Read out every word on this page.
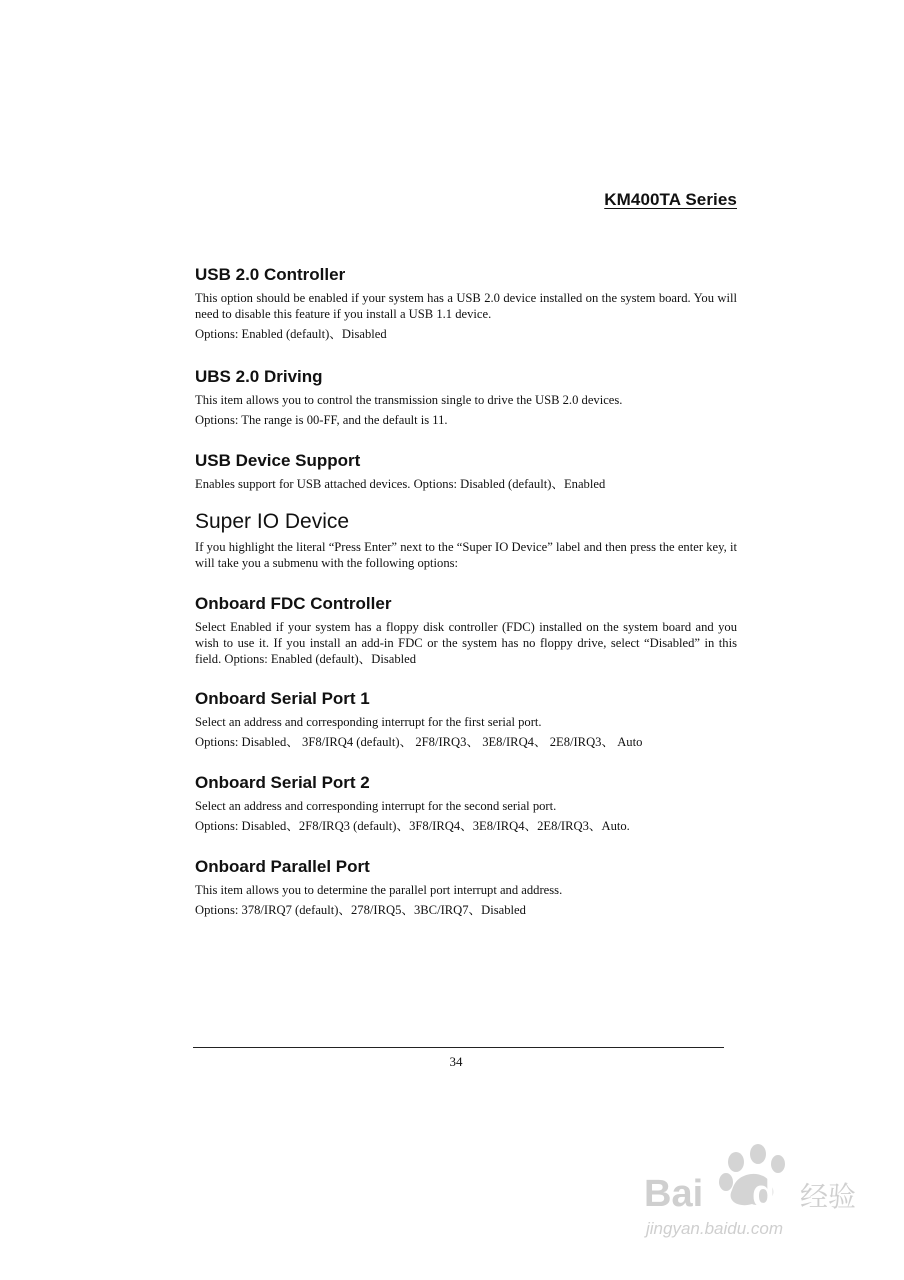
KM400TA Series
USB 2.0 Controller

This option should be enabled if your system has a USB 2.0 device installed on the system board. You will need to disable this feature if you install a USB 1.1 device.

Options: Enabled (default)、Disabled

UBS 2.0 Driving

This item allows you to control the transmission single to drive the USB 2.0 devices.

Options: The range is 00-FF, and the default is 11.

USB Device Support

Enables support for USB attached devices. Options: Disabled (default)、Enabled

Super IO Device

If you highlight the literal “Press Enter” next to the “Super IO Device” label and then press the enter key, it will take you a submenu with the following options:

Onboard FDC Controller

Select Enabled if your system has a floppy disk controller (FDC) installed on the system board and you wish to use it. If you install an add-in FDC or the system has no floppy drive, select “Disabled” in this field. Options: Enabled (default)、Disabled

Onboard Serial Port 1

Select an address and corresponding interrupt for the first serial port.

Options: Disabled、 3F8/IRQ4 (default)、 2F8/IRQ3、 3E8/IRQ4、 2E8/IRQ3、 Auto

Onboard Serial Port 2

Select an address and corresponding interrupt for the second serial port.

Options: Disabled、2F8/IRQ3 (default)、3F8/IRQ4、3E8/IRQ4、2E8/IRQ3、Auto.

Onboard Parallel Port

This item allows you to determine the parallel port interrupt and address.

Options: 378/IRQ7 (default)、278/IRQ5、3BC/IRQ7、Disabled

34
Bai du 经验
jingyan.baidu.com
